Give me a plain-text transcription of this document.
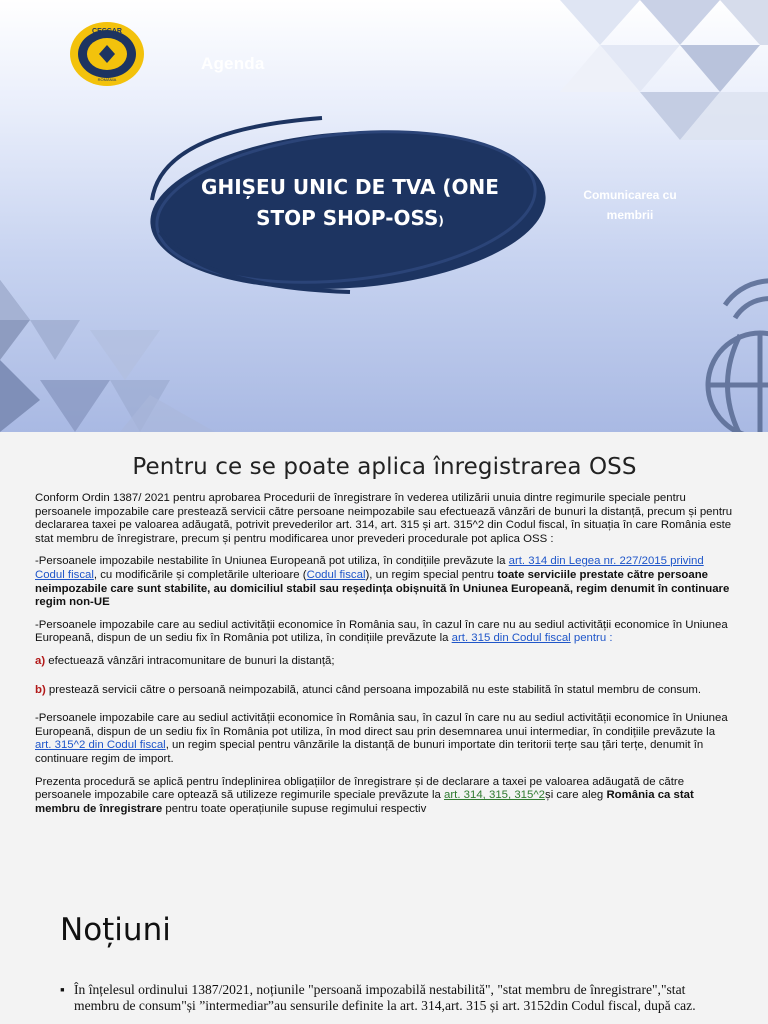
CECCAR
ROMÂNIA
Agenda
GHIȘEU UNIC DE TVA (ONE STOP SHOP-OSS)
Comunicarea cu membrii
Pentru ce se poate aplica înregistrarea OSS

Conform Ordin 1387/ 2021 pentru aprobarea Procedurii de înregistrare în vederea utilizării unuia dintre regimurile speciale pentru persoanele impozabile care prestează servicii către persoane neimpozabile sau efectuează vânzări de bunuri la distanță, precum și pentru declararea taxei pe valoarea adăugată, potrivit prevederilor art. 314, art. 315 și art. 315^2 din Codul fiscal, în situația în care România este stat membru de înregistrare, precum și pentru modificarea unor prevederi procedurale pot aplica OSS :

-Persoanele impozabile nestabilite în Uniunea Europeană pot utiliza, în condițiile prevăzute la art. 314 din Legea nr. 227/2015 privind Codul fiscal, cu modificările și completările ulterioare (Codul fiscal), un regim special pentru toate serviciile prestate către persoane neimpozabile care sunt stabilite, au domiciliul stabil sau reședința obișnuită în Uniunea Europeană, regim denumit în continuare regim non-UE

-Persoanele impozabile care au sediul activității economice în România sau, în cazul în care nu au sediul activității economice în Uniunea Europeană, dispun de un sediu fix în România pot utiliza, în condițiile prevăzute la art. 315 din Codul fiscal pentru :

a) efectuează vânzări intracomunitare de bunuri la distanță;

b) prestează servicii către o persoană neimpozabilă, atunci când persoana impozabilă nu este stabilită în statul membru de consum.

-Persoanele impozabile care au sediul activității economice în România sau, în cazul în care nu au sediul activității economice în Uniunea Europeană, dispun de un sediu fix în România pot utiliza, în mod direct sau prin desemnarea unui intermediar, în condițiile prevăzute la art. 315^2 din Codul fiscal, un regim special pentru vânzările la distanță de bunuri importate din teritorii terțe sau țări terțe, denumit în continuare regim de import.

Prezenta procedură se aplică pentru îndeplinirea obligațiilor de înregistrare și de declarare a taxei pe valoarea adăugată de către persoanele impozabile care optează să utilizeze regimurile speciale prevăzute la art. 314, 315, 315^2și care aleg România ca stat membru de înregistrare pentru toate operațiunile supuse regimului respectiv

Noțiuni
▪ În înțelesul ordinului 1387/2021, noțiunile "persoană impozabilă nestabilită", "stat membru de înregistrare","stat membru de consum"și ”intermediar”au sensurile definite la art. 314,art. 315 și art. 3152din Codul fiscal, după caz.
